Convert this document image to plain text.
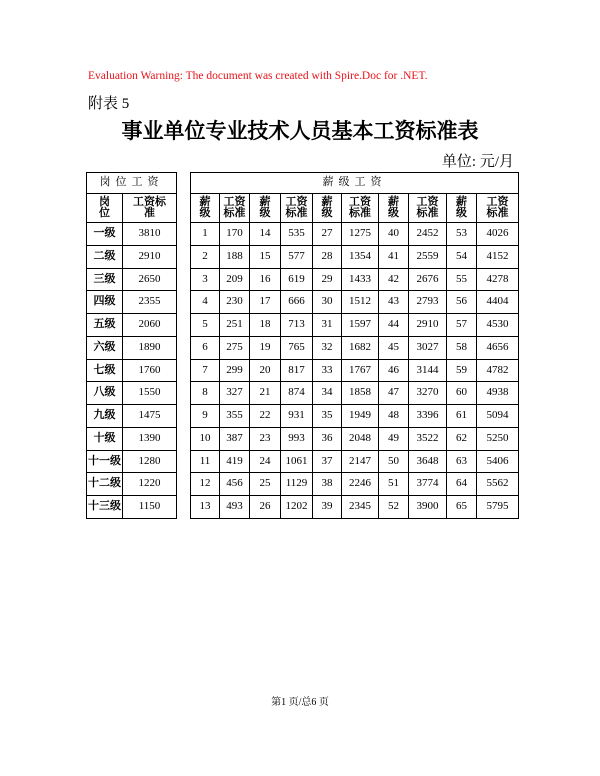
Evaluation Warning: The document was created with Spire.Doc for .NET.
附表 5
事业单位专业技术人员基本工资标准表
单位: 元/月
岗位工资	
岗位	工资标准
一级	3810
二级	2910
三级	2650
四级	2355
五级	2060
六级	1890
七级	1760
八级	1550
九级	1475
十级	1390
十一级	1280
十二级	1220
十三级	1150
薪级工资									
薪级	工资标准	薪级	工资标准	薪级	工资标准	薪级	工资标准	薪级	工资标准
1	170	14	535	27	1275	40	2452	53	4026
2	188	15	577	28	1354	41	2559	54	4152
3	209	16	619	29	1433	42	2676	55	4278
4	230	17	666	30	1512	43	2793	56	4404
5	251	18	713	31	1597	44	2910	57	4530
6	275	19	765	32	1682	45	3027	58	4656
7	299	20	817	33	1767	46	3144	59	4782
8	327	21	874	34	1858	47	3270	60	4938
9	355	22	931	35	1949	48	3396	61	5094
10	387	23	993	36	2048	49	3522	62	5250
11	419	24	1061	37	2147	50	3648	63	5406
12	456	25	1129	38	2246	51	3774	64	5562
13	493	26	1202	39	2345	52	3900	65	5795
第1 页/总6 页
